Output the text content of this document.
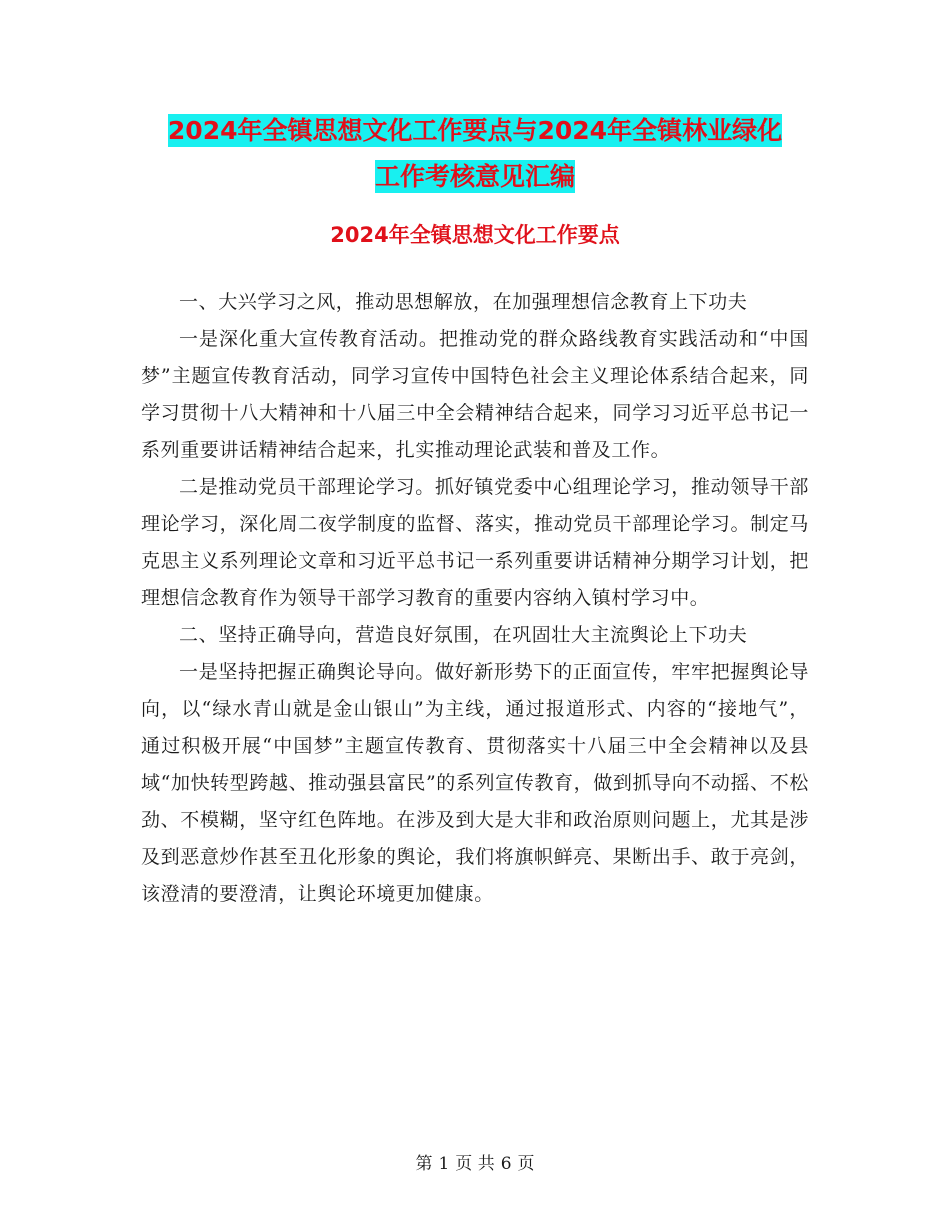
2024年全镇思想文化工作要点与2024年全镇林业绿化
工作考核意见汇编
2024年全镇思想文化工作要点

一、大兴学习之风，推动思想解放，在加强理想信念教育上下功夫

一是深化重大宣传教育活动。把推动党的群众路线教育实践活动和“中国梦”主题宣传教育活动，同学习宣传中国特色社会主义理论体系结合起来，同学习贯彻十八大精神和十八届三中全会精神结合起来，同学习习近平总书记一系列重要讲话精神结合起来，扎实推动理论武装和普及工作。

二是推动党员干部理论学习。抓好镇党委中心组理论学习，推动领导干部理论学习，深化周二夜学制度的监督、落实，推动党员干部理论学习。制定马克思主义系列理论文章和习近平总书记一系列重要讲话精神分期学习计划，把理想信念教育作为领导干部学习教育的重要内容纳入镇村学习中。

二、坚持正确导向，营造良好氛围，在巩固壮大主流舆论上下功夫

一是坚持把握正确舆论导向。做好新形势下的正面宣传，牢牢把握舆论导向，以“绿水青山就是金山银山”为主线，通过报道形式、内容的“接地气”，通过积极开展“中国梦”主题宣传教育、贯彻落实十八届三中全会精神以及县域“加快转型跨越、推动强县富民”的系列宣传教育，做到抓导向不动摇、不松劲、不模糊，坚守红色阵地。在涉及到大是大非和政治原则问题上，尤其是涉及到恶意炒作甚至丑化形象的舆论，我们将旗帜鲜亮、果断出手、敢于亮剑，该澄清的要澄清，让舆论环境更加健康。

第 1 页 共 6 页
